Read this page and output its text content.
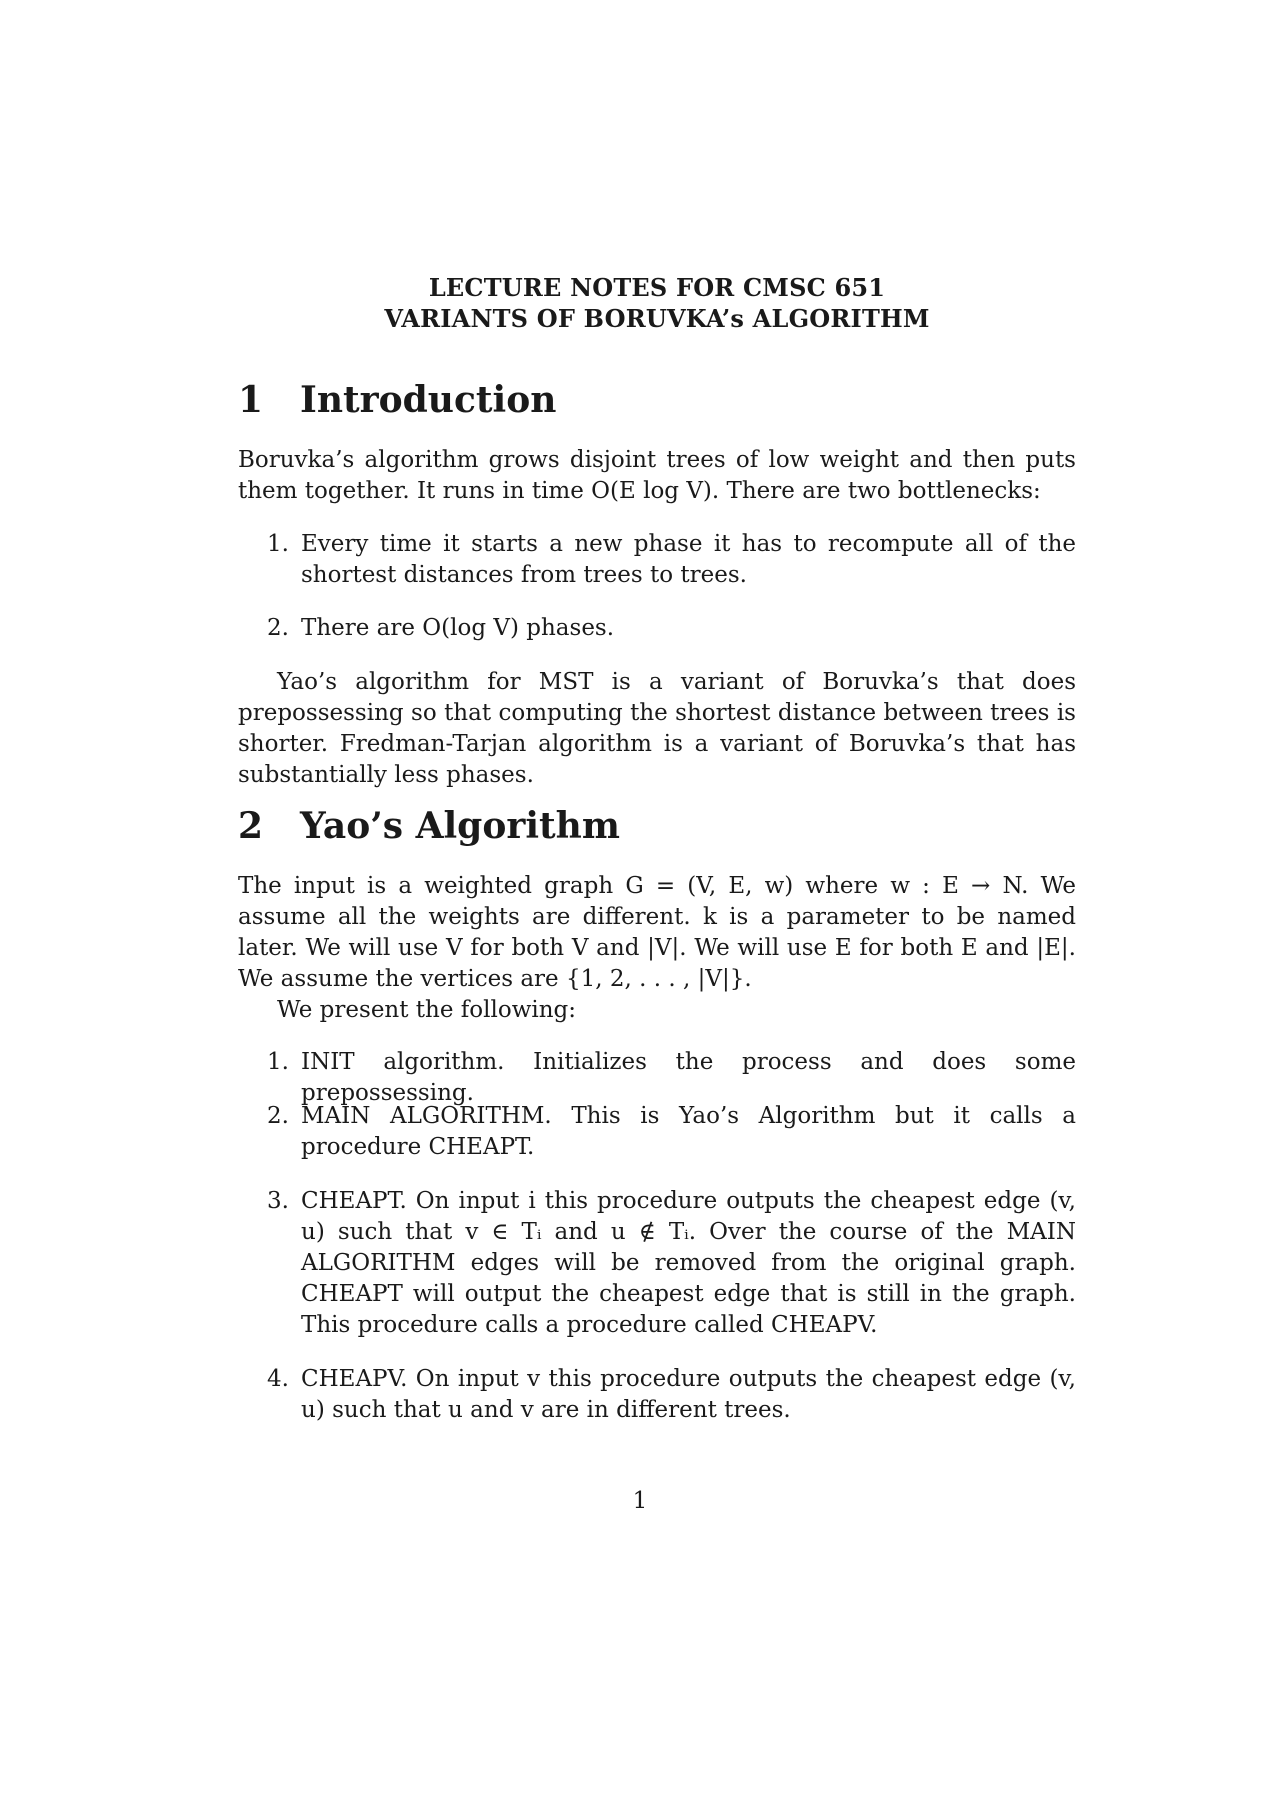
LECTURE NOTES FOR CMSC 651
VARIANTS OF BORUVKA’s ALGORITHM
1 Introduction

Boruvka’s algorithm grows disjoint trees of low weight and then puts them together. It runs in time O(E log V). There are two bottlenecks:

1. Every time it starts a new phase it has to recompute all of the shortest distances from trees to trees.
2. There are O(log V) phases.

Yao’s algorithm for MST is a variant of Boruvka’s that does prepossessing so that computing the shortest distance between trees is shorter. Fredman-Tarjan algorithm is a variant of Boruvka’s that has substantially less phases.

2 Yao’s Algorithm

The input is a weighted graph G = (V, E, w) where w : E → N. We assume all the weights are different. k is a parameter to be named later. We will use V for both V and |V|. We will use E for both E and |E|. We assume the vertices are {1, 2, . . . , |V|}.

We present the following:

1. INIT algorithm. Initializes the process and does some prepossessing.
2. MAIN ALGORITHM. This is Yao’s Algorithm but it calls a procedure CHEAPT.
3. CHEAPT. On input i this procedure outputs the cheapest edge (v, u) such that v ∈ Tᵢ and u ∉ Tᵢ. Over the course of the MAIN ALGORITHM edges will be removed from the original graph. CHEAPT will output the cheapest edge that is still in the graph. This procedure calls a procedure called CHEAPV.
4. CHEAPV. On input v this procedure outputs the cheapest edge (v, u) such that u and v are in different trees.
1
